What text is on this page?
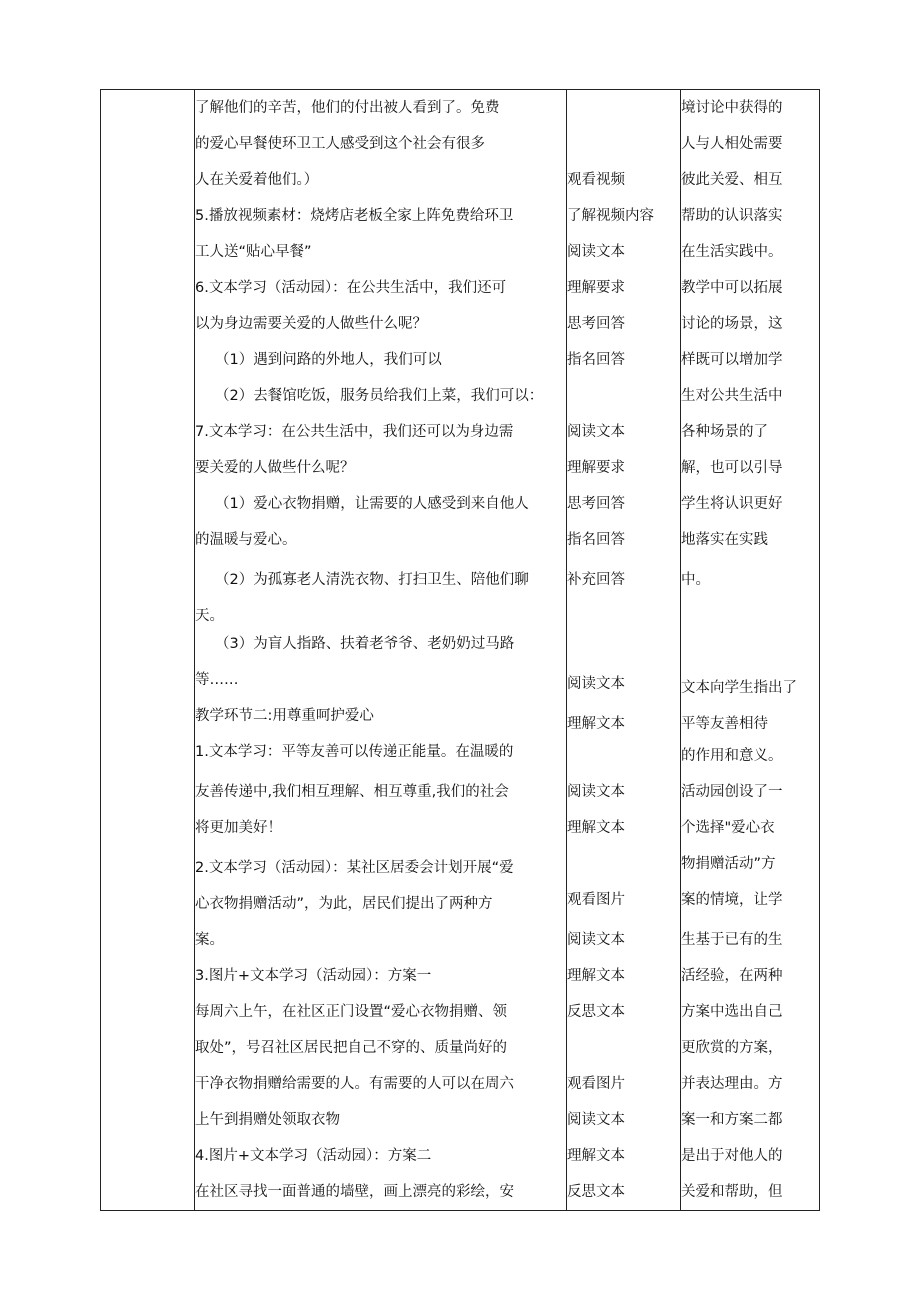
了解他们的辛苦，他们的付出被人看到了。免费
的爱心早餐使环卫工人感受到这个社会有很多
人在关爱着他们。）
5.播放视频素材：烧烤店老板全家上阵免费给环卫
工人送“贴心早餐”
6.文本学习（活动园）：在公共生活中，我们还可
以为身边需要关爱的人做些什么呢？
（1）遇到问路的外地人，我们可以
（2）去餐馆吃饭，服务员给我们上菜，我们可以：
7.文本学习：在公共生活中，我们还可以为身边需
要关爱的人做些什么呢？
（1）爱心衣物捐赠，让需要的人感受到来自他人
的温暖与爱心。
（2）为孤寡老人清洗衣物、打扫卫生、陪他们聊
天。
（3）为盲人指路、扶着老爷爷、老奶奶过马路
等……
教学环节二:用尊重呵护爱心
1.文本学习：平等友善可以传递正能量。在温暖的
友善传递中,我们相互理解、相互尊重,我们的社会
将更加美好！
2.文本学习（活动园）：某社区居委会计划开展“爱
心衣物捐赠活动”，为此，居民们提出了两种方
案。
3.图片+文本学习（活动园）：方案一
每周六上午，在社区正门设置“爱心衣物捐赠、领
取处”，号召社区居民把自己不穿的、质量尚好的
干净衣物捐赠给需要的人。有需要的人可以在周六
上午到捐赠处领取衣物
4.图片+文本学习（活动园）：方案二
在社区寻找一面普通的墙壁，画上漂亮的彩绘，安
观看视频
了解视频内容
阅读文本
理解要求
思考回答
指名回答
阅读文本
理解要求
思考回答
指名回答
补充回答
阅读文本
理解文本
阅读文本
理解文本
观看图片
阅读文本
理解文本
反思文本
观看图片
阅读文本
理解文本
反思文本
境讨论中获得的
人与人相处需要
彼此关爱、相互
帮助的认识落实
在生活实践中。
教学中可以拓展
讨论的场景，这
样既可以增加学
生对公共生活中
各种场景的了
解，也可以引导
学生将认识更好
地落实在实践
中。
文本向学生指出了
平等友善相待
的作用和意义。
活动园创设了一
个选择"爱心衣
物捐赠活动”方
案的情境，让学
生基于已有的生
活经验，在两种
方案中选出自己
更欣赏的方案，
并表达理由。方
案一和方案二都
是出于对他人的
关爱和帮助，但
